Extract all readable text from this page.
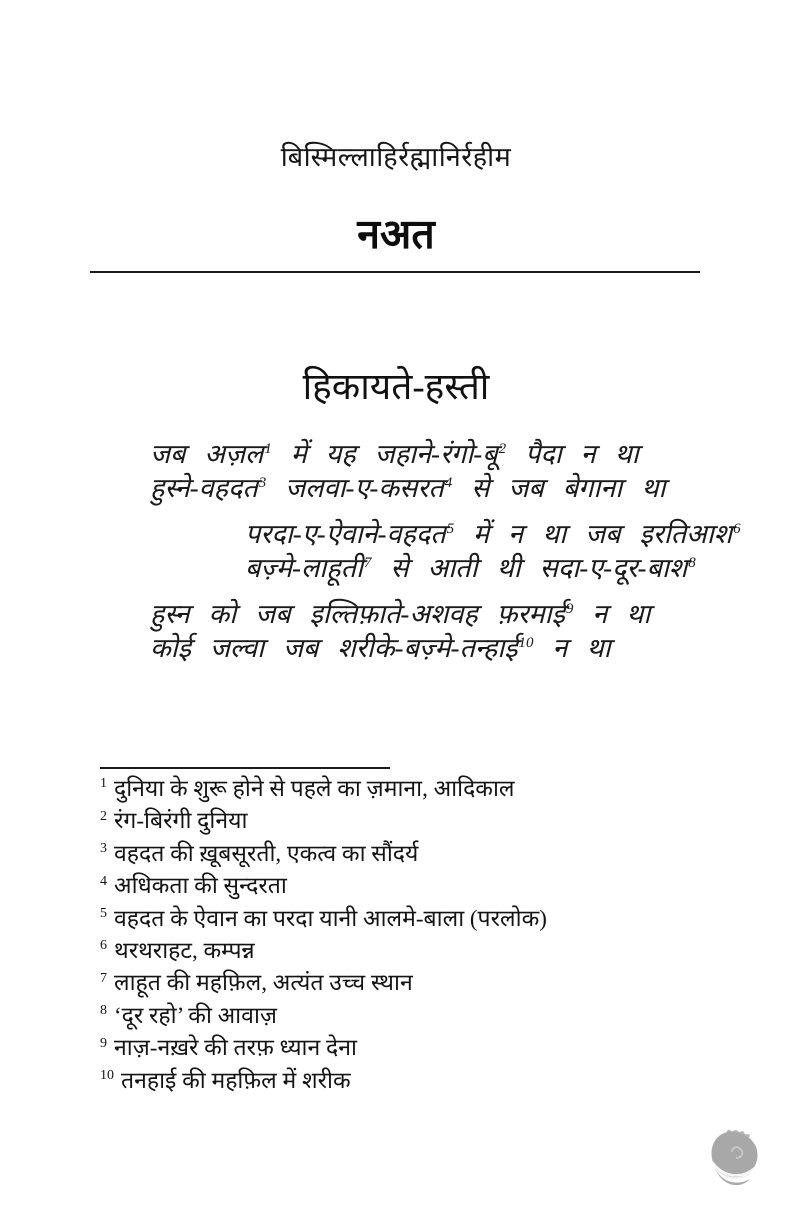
बिस्मिल्लाहिर्रह्मानिर्रहीम
नअत
हिकायते-हस्ती
जब अज़ल$^1$ में यह जहाने-रंगो-बू$^2$ पैदा न था
हुस्ने-वहदत$^3$ जलवा-ए-कसरत$^4$ से जब बेगाना था
परदा-ए-ऐवाने-वहदत$^5$ में न था जब इरतिआश$^6$
बज़्मे-लाहूती$^7$ से आती थी सदा-ए-दूर-बाश$^8$
हुस्न को जब इल्तिफ़ाते-अशवह फ़रमाई$^9$ न था
कोई जल्वा जब शरीके-बज़्मे-तन्हाई$^{10}$ न था
$^1$ दुनिया के शुरू होने से पहले का ज़माना, आदिकाल
$^2$ रंग-बिरंगी दुनिया
$^3$ वहदत की ख़ूबसूरती, एकत्व का सौंदर्य
$^4$ अधिकता की सुन्दरता
$^5$ वहदत के ऐवान का परदा यानी आलमे-बाला (परलोक)
$^6$ थरथराहट, कम्पन्न
$^7$ लाहूत की महफ़िल, अत्यंत उच्च स्थान
$^8$ ‘दूर रहो’ की आवाज़
$^9$ नाज़-नख़रे की तरफ़ ध्यान देना
$^{10}$ तनहाई की महफ़िल में शरीक
